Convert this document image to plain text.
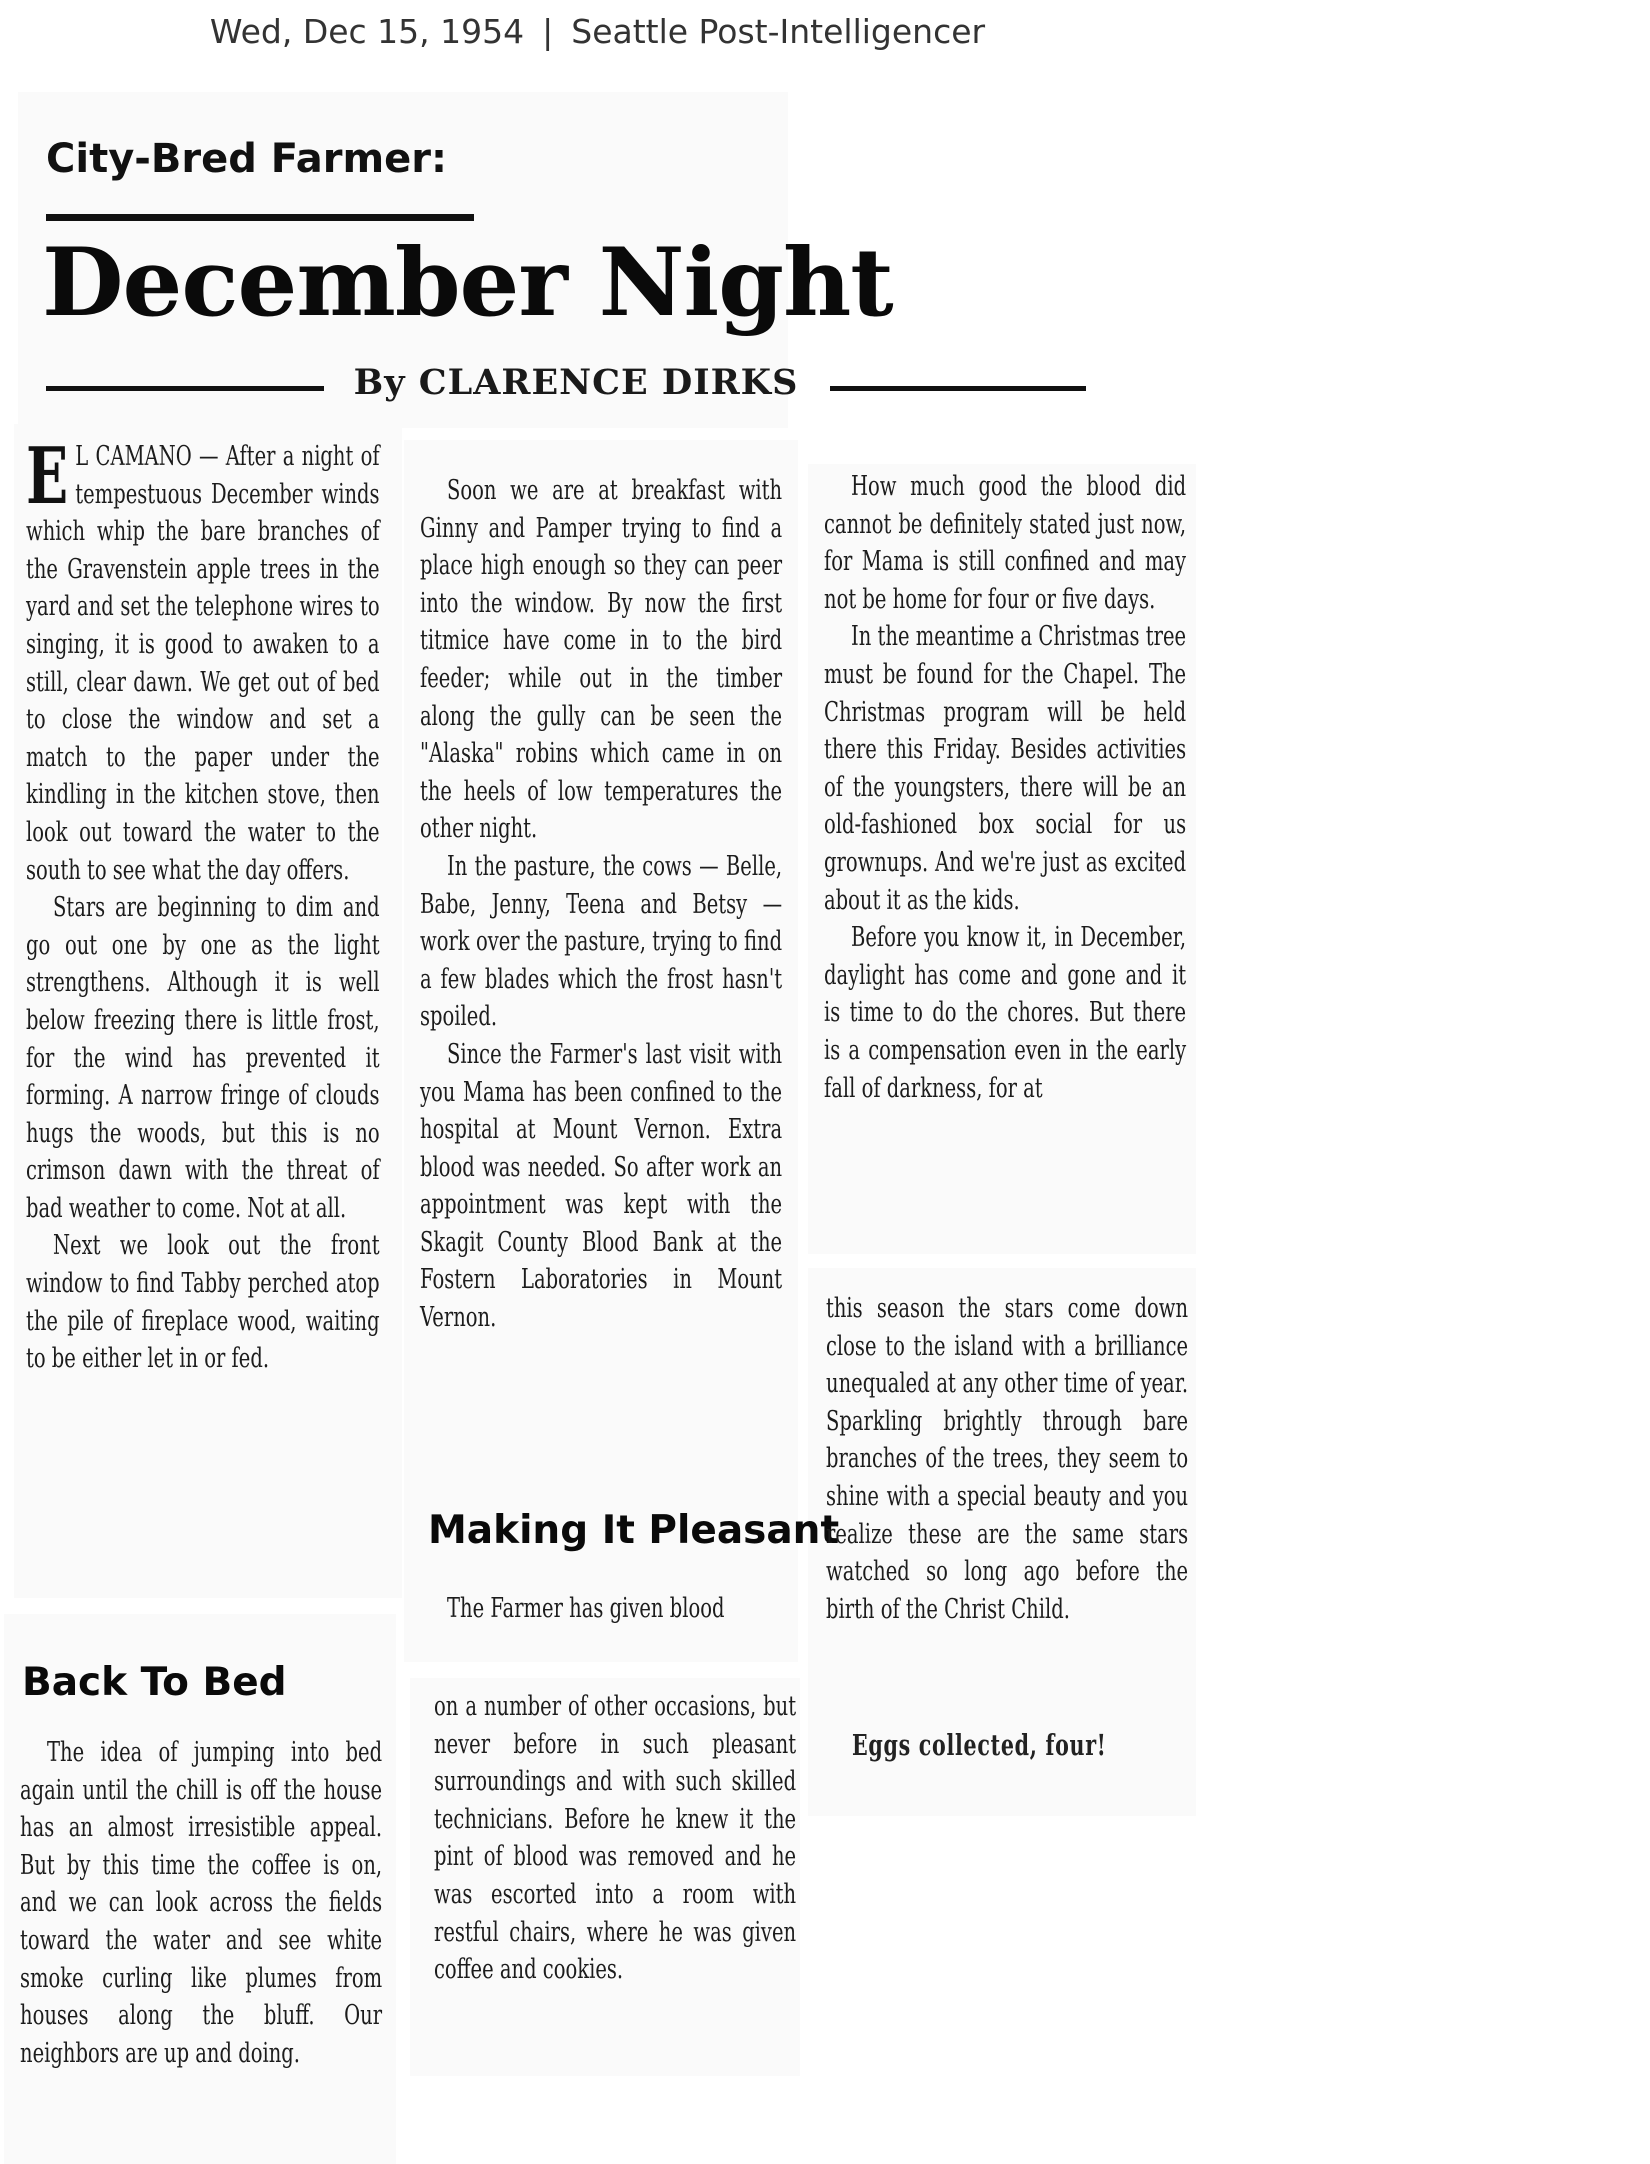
Wed, Dec 15, 1954 | Seattle Post-Intelligencer
City-Bred Farmer:
December Night
By CLARENCE DIRKS

E L CAMANO — After a night of tempestuous December winds which whip the bare branches of the Gravenstein apple trees in the yard and set the telephone wires to singing, it is good to awaken to a still, clear dawn. We get out of bed to close the window and set a match to the paper under the kindling in the kitchen stove, then look out toward the water to the south to see what the day offers.

Stars are beginning to dim and go out one by one as the light strengthens. Although it is well below freezing there is little frost, for the wind has prevented it forming. A narrow fringe of clouds hugs the woods, but this is no crimson dawn with the threat of bad weather to come. Not at all.

Next we look out the front window to find Tabby perched atop the pile of fireplace wood, waiting to be either let in or fed.

Back To Bed

The idea of jumping into bed again until the chill is off the house has an almost irresistible appeal. But by this time the coffee is on, and we can look across the fields toward the water and see white smoke curling like plumes from houses along the bluff. Our neighbors are up and doing.

Soon we are at breakfast with Ginny and Pamper trying to find a place high enough so they can peer into the window. By now the first titmice have come in to the bird feeder; while out in the timber along the gully can be seen the "Alaska" robins which came in on the heels of low temperatures the other night.

In the pasture, the cows — Belle, Babe, Jenny, Teena and Betsy — work over the pasture, trying to find a few blades which the frost hasn't spoiled.

Since the Farmer's last visit with you Mama has been confined to the hospital at Mount Vernon. Extra blood was needed. So after work an appointment was kept with the Skagit County Blood Bank at the Fostern Laboratories in Mount Vernon.

Making It Pleasant

The Farmer has given blood

on a number of other occasions, but never before in such pleasant surroundings and with such skilled technicians. Before he knew it the pint of blood was removed and he was escorted into a room with restful chairs, where he was given coffee and cookies.

How much good the blood did cannot be definitely stated just now, for Mama is still confined and may not be home for four or five days.

In the meantime a Christmas tree must be found for the Chapel. The Christmas program will be held there this Friday. Besides activities of the youngsters, there will be an old-fashioned box social for us grownups. And we're just as excited about it as the kids.

Before you know it, in December, daylight has come and gone and it is time to do the chores. But there is a compensation even in the early fall of darkness, for at

this season the stars come down close to the island with a brilliance unequaled at any other time of year. Sparkling brightly through bare branches of the trees, they seem to shine with a special beauty and you realize these are the same stars watched so long ago before the birth of the Christ Child.

Eggs collected, four!
